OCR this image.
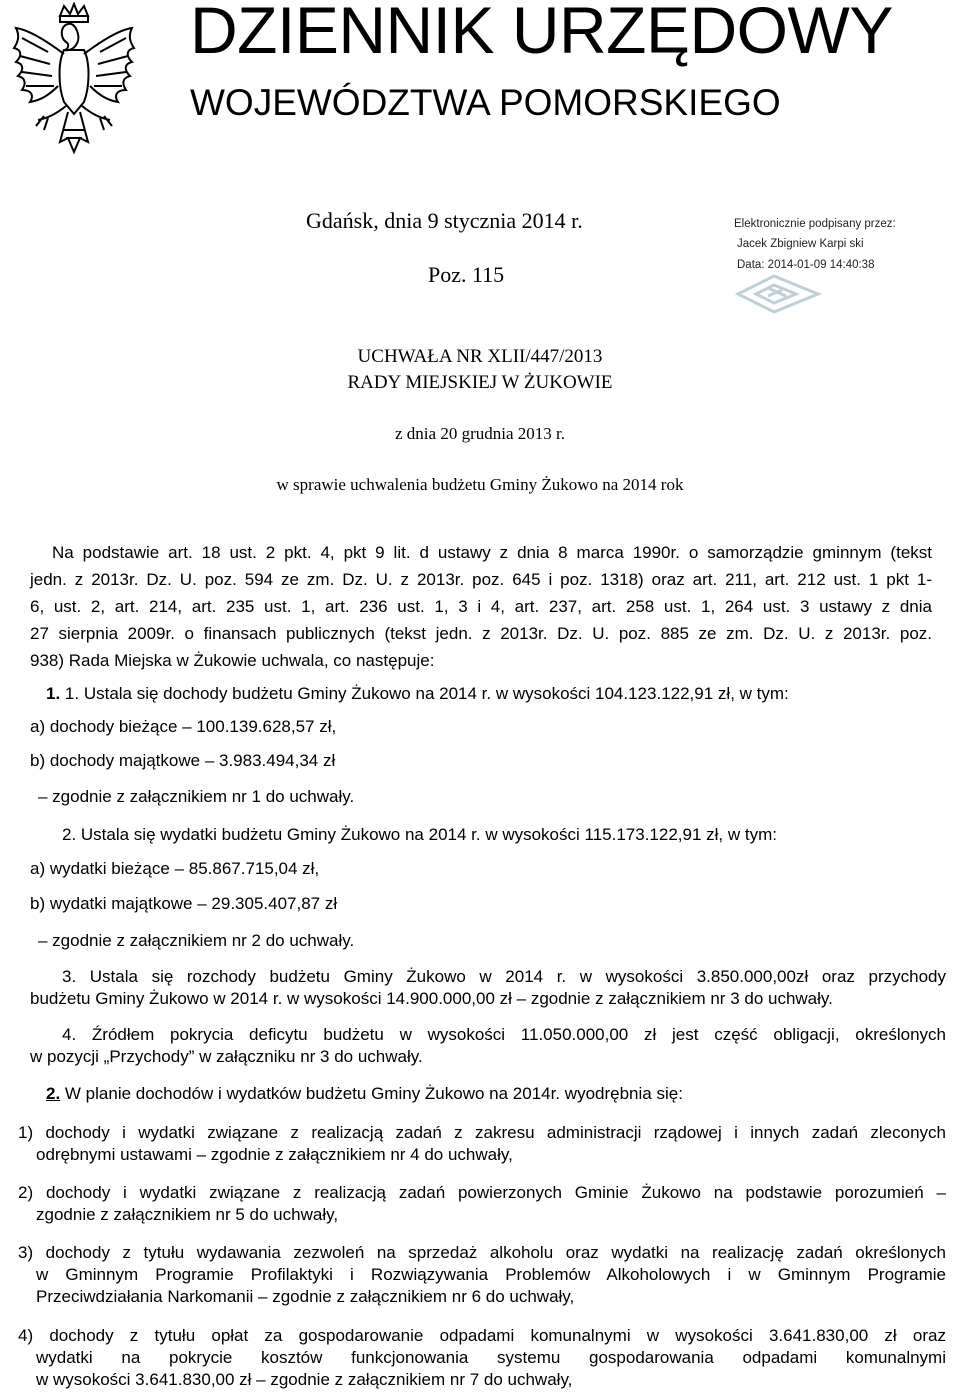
DZIENNIK URZĘDOWY
WOJEWÓDZTWA POMORSKIEGO
Gdańsk, dnia 9 stycznia 2014 r.
Poz. 115
Elektronicznie podpisany przez:
Jacek Zbigniew Karpi ski
Data: 2014-01-09 14:40:38
UCHWAŁA NR XLII/447/2013
RADY MIEJSKIEJ W ŻUKOWIE
z dnia 20 grudnia 2013 r.
w sprawie uchwalenia budżetu Gminy Żukowo na 2014 rok
Na podstawie art. 18 ust. 2 pkt. 4, pkt 9 lit. d ustawy z dnia 8 marca 1990r. o samorządzie gminnym (tekst
jedn. z 2013r. Dz. U. poz. 594 ze zm. Dz. U. z 2013r. poz. 645 i poz. 1318) oraz art. 211, art. 212 ust. 1 pkt 1-
6, ust. 2, art. 214, art. 235 ust. 1, art. 236 ust. 1, 3 i 4, art. 237, art. 258 ust. 1, 264 ust. 3 ustawy z dnia
27 sierpnia 2009r. o finansach publicznych (tekst jedn. z 2013r. Dz. U. poz. 885 ze zm. Dz. U. z 2013r. poz.
938) Rada Miejska w Żukowie uchwala, co następuje:
1. 1. Ustala się dochody budżetu Gminy Żukowo na 2014 r. w wysokości 104.123.122,91 zł, w tym:
a) dochody bieżące – 100.139.628,57 zł,
b) dochody majątkowe – 3.983.494,34 zł
– zgodnie z załącznikiem nr 1 do uchwały.
2. Ustala się wydatki budżetu Gminy Żukowo na 2014 r. w wysokości 115.173.122,91 zł, w tym:
a) wydatki bieżące – 85.867.715,04 zł,
b) wydatki majątkowe – 29.305.407,87 zł
– zgodnie z załącznikiem nr 2 do uchwały.
3. Ustala się rozchody budżetu Gminy Żukowo w 2014 r. w wysokości 3.850.000,00zł oraz przychody
budżetu Gminy Żukowo w 2014 r. w wysokości 14.900.000,00 zł – zgodnie z załącznikiem nr 3 do uchwały.
4. Źródłem pokrycia deficytu budżetu w wysokości 11.050.000,00 zł jest część obligacji, określonych
w pozycji „Przychody” w załączniku nr 3 do uchwały.
2. W planie dochodów i wydatków budżetu Gminy Żukowo na 2014r. wyodrębnia się:
1) dochody i wydatki związane z realizacją zadań z zakresu administracji rządowej i innych zadań zleconych
odrębnymi ustawami – zgodnie z załącznikiem nr 4 do uchwały,
2) dochody i wydatki związane z realizacją zadań powierzonych Gminie Żukowo na podstawie porozumień –
zgodnie z załącznikiem nr 5 do uchwały,
3) dochody z tytułu wydawania zezwoleń na sprzedaż alkoholu oraz wydatki na realizację zadań określonych
w Gminnym Programie Profilaktyki i Rozwiązywania Problemów Alkoholowych i w Gminnym Programie
Przeciwdziałania Narkomanii – zgodnie z załącznikiem nr 6 do uchwały,
4) dochody z tytułu opłat za gospodarowanie odpadami komunalnymi w wysokości 3.641.830,00 zł oraz
wydatki na pokrycie kosztów funkcjonowania systemu gospodarowania odpadami komunalnymi
w wysokości 3.641.830,00 zł – zgodnie z załącznikiem nr 7 do uchwały,
